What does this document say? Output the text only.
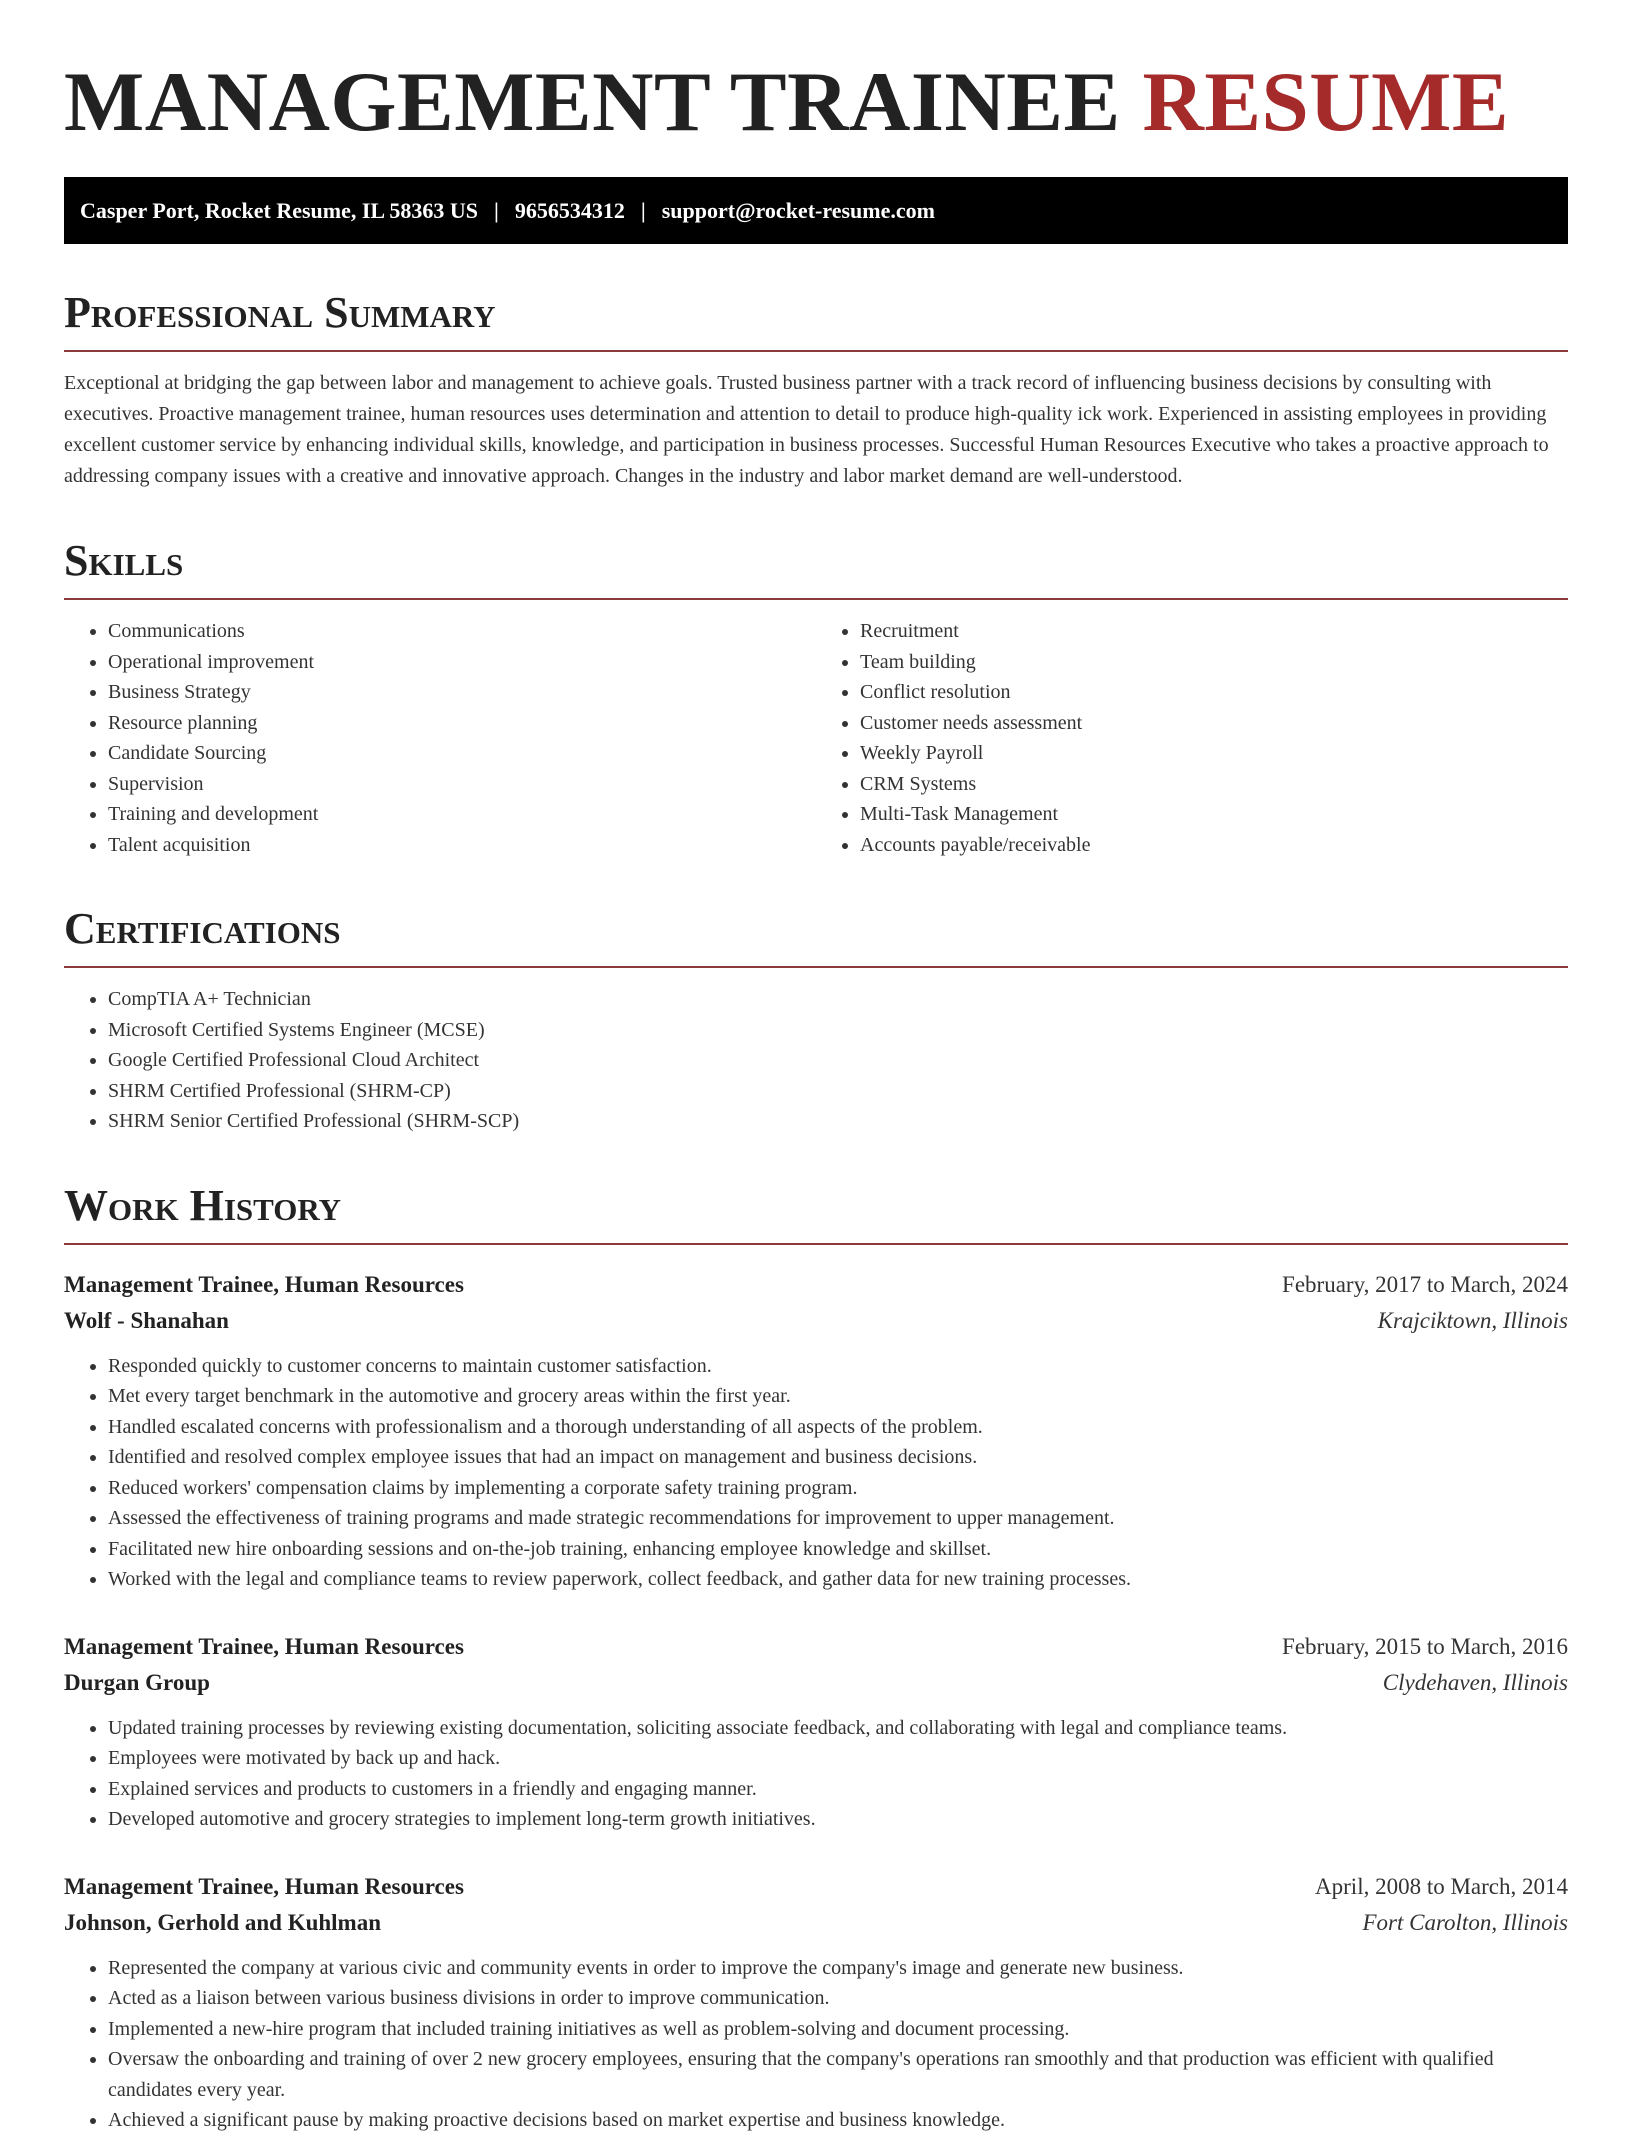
MANAGEMENT TRAINEE RESUME
Casper Port, Rocket Resume, IL 58363 US | 9656534312 | support@rocket-resume.com
Professional Summary

Exceptional at bridging the gap between labor and management to achieve goals. Trusted business partner with a track record of influencing business decisions by consulting with executives. Proactive management trainee, human resources uses determination and attention to detail to produce high-quality ick work. Experienced in assisting employees in providing excellent customer service by enhancing individual skills, knowledge, and participation in business processes. Successful Human Resources Executive who takes a proactive approach to addressing company issues with a creative and innovative approach. Changes in the industry and labor market demand are well-understood.

Skills
• Communications
• Operational improvement
• Business Strategy
• Resource planning
• Candidate Sourcing
• Supervision
• Training and development
• Talent acquisition
• Recruitment
• Team building
• Conflict resolution
• Customer needs assessment
• Weekly Payroll
• CRM Systems
• Multi-Task Management
• Accounts payable/receivable
Certifications
• CompTIA A+ Technician
• Microsoft Certified Systems Engineer (MCSE)
• Google Certified Professional Cloud Architect
• SHRM Certified Professional (SHRM-CP)
• SHRM Senior Certified Professional (SHRM-SCP)
Work History
Management Trainee, Human Resources	February, 2017 to March, 2024
Wolf - Shanahan	Krajciktown, Illinois
• Responded quickly to customer concerns to maintain customer satisfaction.
• Met every target benchmark in the automotive and grocery areas within the first year.
• Handled escalated concerns with professionalism and a thorough understanding of all aspects of the problem.
• Identified and resolved complex employee issues that had an impact on management and business decisions.
• Reduced workers' compensation claims by implementing a corporate safety training program.
• Assessed the effectiveness of training programs and made strategic recommendations for improvement to upper management.
• Facilitated new hire onboarding sessions and on-the-job training, enhancing employee knowledge and skillset.
• Worked with the legal and compliance teams to review paperwork, collect feedback, and gather data for new training processes.
Management Trainee, Human Resources	February, 2015 to March, 2016
Durgan Group	Clydehaven, Illinois
• Updated training processes by reviewing existing documentation, soliciting associate feedback, and collaborating with legal and compliance teams.
• Employees were motivated by back up and hack.
• Explained services and products to customers in a friendly and engaging manner.
• Developed automotive and grocery strategies to implement long-term growth initiatives.
Management Trainee, Human Resources	April, 2008 to March, 2014
Johnson, Gerhold and Kuhlman	Fort Carolton, Illinois
• Represented the company at various civic and community events in order to improve the company's image and generate new business.
• Acted as a liaison between various business divisions in order to improve communication.
• Implemented a new-hire program that included training initiatives as well as problem-solving and document processing.
• Oversaw the onboarding and training of over 2 new grocery employees, ensuring that the company's operations ran smoothly and that production was efficient with qualified candidates every year.
• Achieved a significant pause by making proactive decisions based on market expertise and business knowledge.
